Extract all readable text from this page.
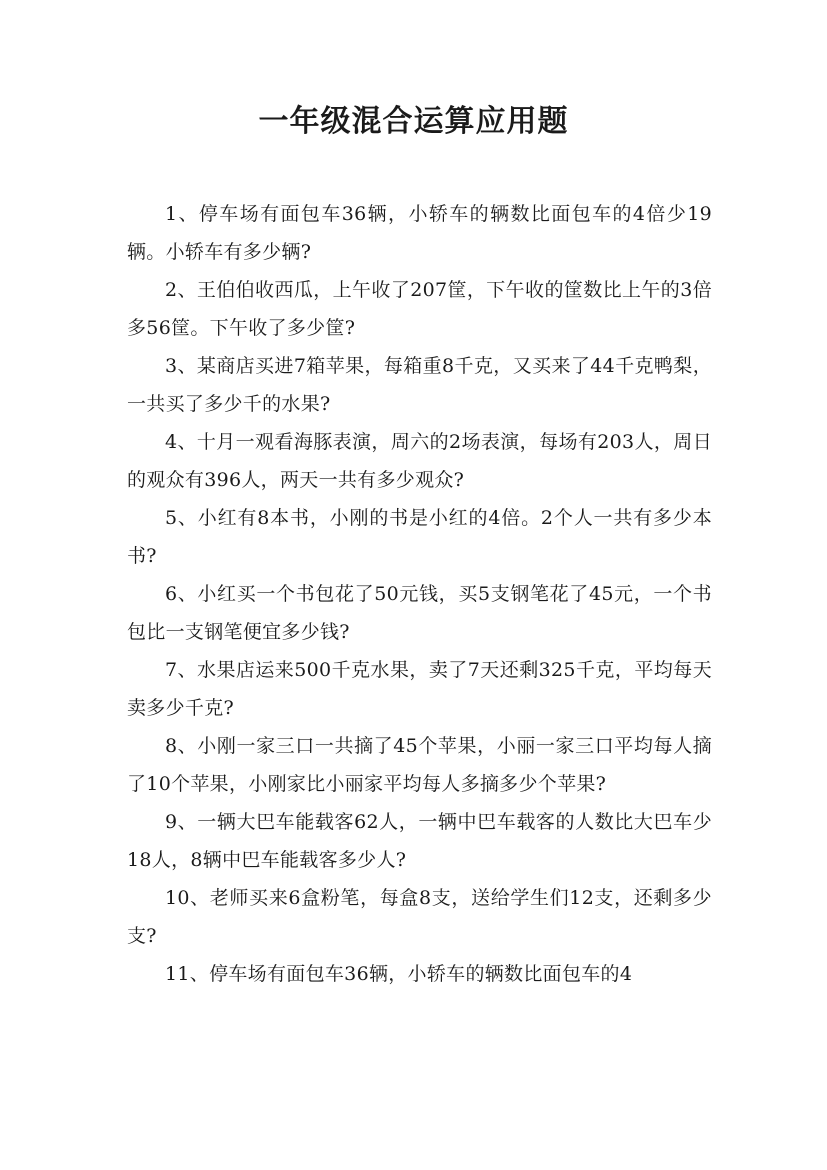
一年级混合运算应用题

1、停车场有面包车36辆，小轿车的辆数比面包车的4倍少19辆。小轿车有多少辆?

2、王伯伯收西瓜，上午收了207筐，下午收的筐数比上午的3倍多56筐。下午收了多少筐?

3、某商店买进7箱苹果，每箱重8千克，又买来了44千克鸭梨，一共买了多少千的水果?

4、十月一观看海豚表演，周六的2场表演，每场有203人，周日的观众有396人，两天一共有多少观众?

5、小红有8本书，小刚的书是小红的4倍。2个人一共有多少本书?

6、小红买一个书包花了50元钱，买5支钢笔花了45元，一个书包比一支钢笔便宜多少钱?

7、水果店运来500千克水果，卖了7天还剩325千克，平均每天卖多少千克?

8、小刚一家三口一共摘了45个苹果，小丽一家三口平均每人摘了10个苹果，小刚家比小丽家平均每人多摘多少个苹果?

9、一辆大巴车能载客62人，一辆中巴车载客的人数比大巴车少18人，8辆中巴车能载客多少人?

10、老师买来6盒粉笔，每盒8支，送给学生们12支，还剩多少支?

11、停车场有面包车36辆，小轿车的辆数比面包车的4
